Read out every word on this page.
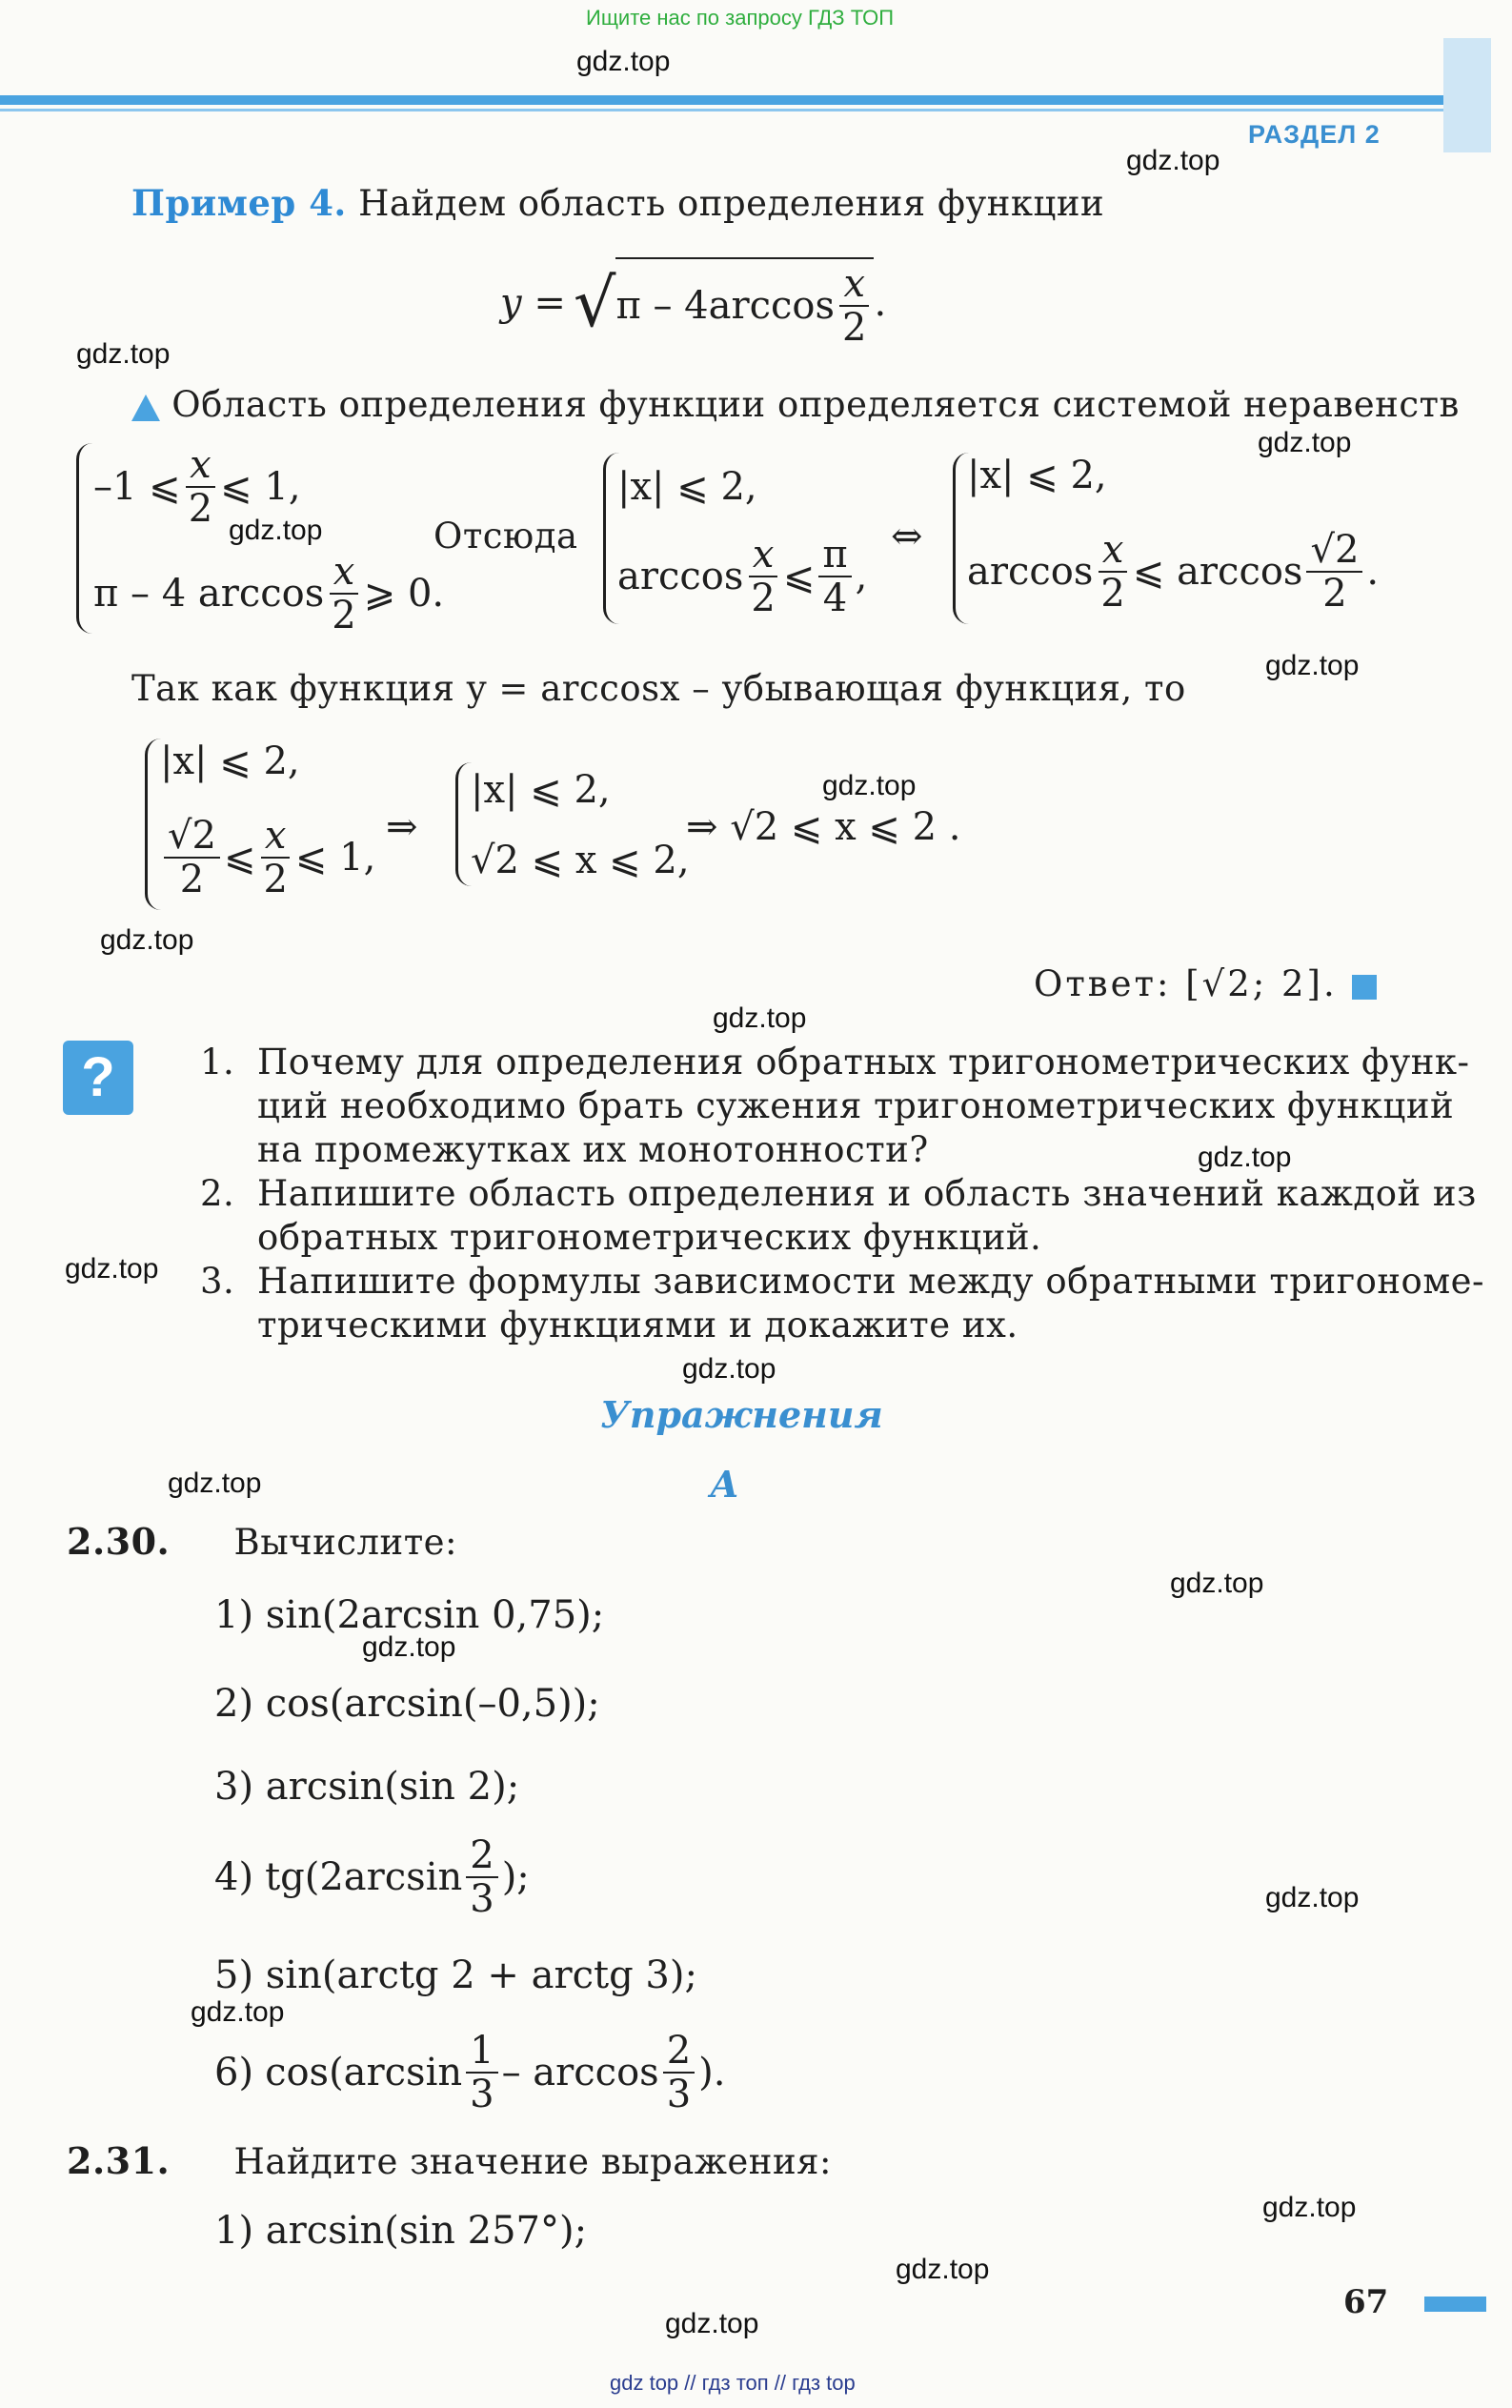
Ищите нас по запросу ГДЗ ТОП
РАЗДЕЛ 2
Пример 4. Найдем область определения функции
y = √ π – $4\arccos \frac{x}{2}$ .
Область определения функции определяется системой неравенств
–1 ⩽ $\frac{x}{2}$ ⩽ 1,
π – 4 $\arccos \frac{x}{2}$ ⩾ 0.
Отсюда
|x| ⩽ 2,
$\arccos \frac{x}{2}$ ⩽ $\frac{\pi}{4}$ ,
⇔
|x| ⩽ 2,
$\arccos \frac{x}{2}$ ⩽ $\arccos \frac{√2}{2}$ .
Так как функция y = arccosx – убывающая функция, то
|x| ⩽ 2,
$\frac{√2}{2}$ ⩽ $\frac{x}{2}$ ⩽ 1,
⇒
|x| ⩽ 2,
√2 ⩽ x ⩽ 2,
⇒ √2 ⩽ x ⩽ 2 .
Ответ: [√2; 2].
?	1. Почему для определения обратных тригонометрических функ-
ций необходимо брать сужения тригонометрических функций
на промежутках их монотонности?
2. Напишите область определения и область значений каждой из
обратных тригонометрических функций.
3. Напишите формулы зависимости между обратными тригономе-
трическими функциями и докажите их.
Упражнения
А
2.30. Вычислите:
1) sin(2arcsin 0,75);
2) cos(arcsin(–0,5));
3) arcsin(sin 2);
4) $tg(2\arcsin \frac{2}{3}$ );
5) sin(arctg 2 + arctg 3);
6) $\cos(\arcsin \frac{1}{3}$ – $\arccos \frac{2}{3}$ ).
2.31. Найдите значение выражения:
1) arcsin(sin 257°);
67
gdz.top
gdz.top
gdz.top
gdz.top
gdz.top
gdz.top
gdz.top
gdz.top
gdz.top
gdz.top
gdz.top
gdz.top
gdz.top
gdz.top
gdz.top
gdz.top
gdz.top
gdz.top
gdz.top
gdz.top
gdz top // гдз топ // гдз top
